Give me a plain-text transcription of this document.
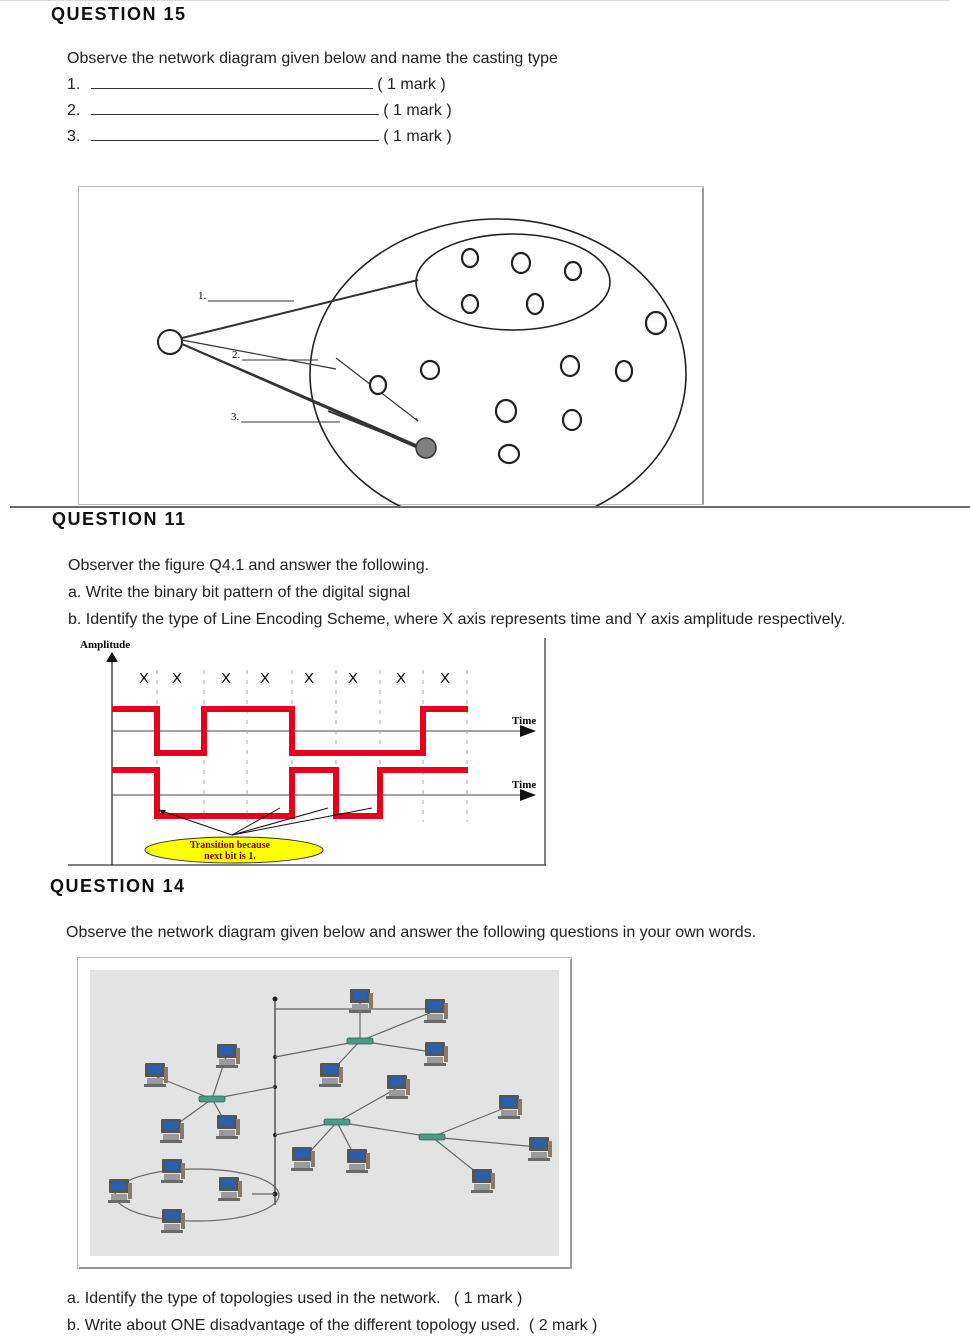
QUESTION 15
Observe the network diagram given below and name the casting type
1.	( 1 mark )
2.	( 1 mark )
3.	( 1 mark )
1.
2.
3.
QUESTION 11
Observer the figure Q4.1 and answer the following.
a. Write the binary bit pattern of the digital signal
b. Identify the type of Line Encoding Scheme, where X axis represents time and Y axis amplitude respectively.
Amplitude
Time
Time
X X	X X X X	X X
Transition because
next bit is 1.
QUESTION 14
Observe the network diagram given below and answer the following questions in your own words.
a. Identify the type of topologies used in the network. ( 1 mark )
b. Write about ONE disadvantage of the different topology used. ( 2 mark )
